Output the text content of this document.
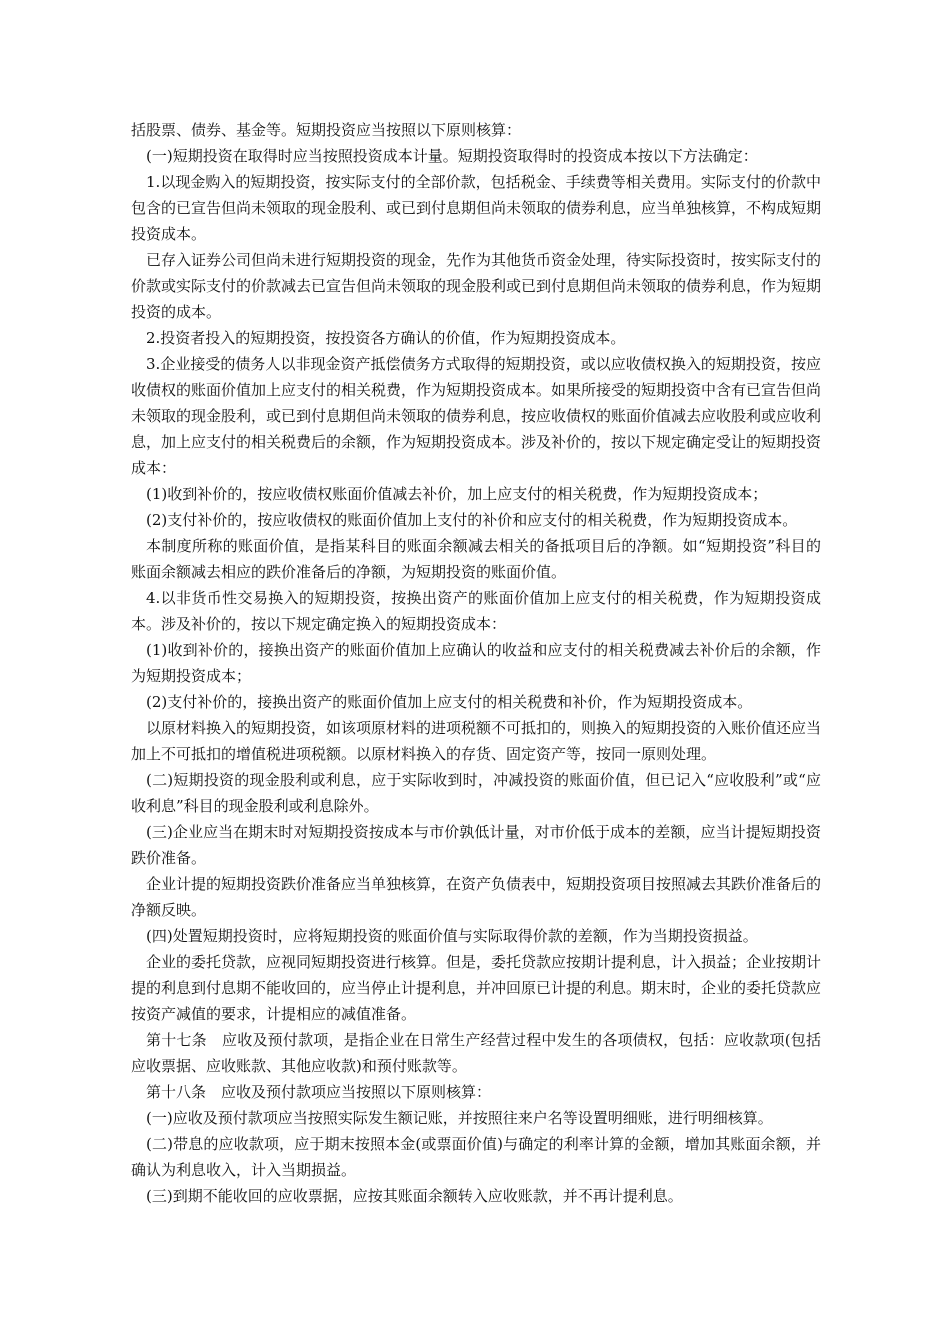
括股票、债券、基金等。短期投资应当按照以下原则核算：

(一)短期投资在取得时应当按照投资成本计量。短期投资取得时的投资成本按以下方法确定：

1.以现金购入的短期投资，按实际支付的全部价款，包括税金、手续费等相关费用。实际支付的价款中包含的已宣告但尚未领取的现金股利、或已到付息期但尚未领取的债券利息，应当单独核算，不构成短期投资成本。

已存入证券公司但尚未进行短期投资的现金，先作为其他货币资金处理，待实际投资时，按实际支付的价款或实际支付的价款减去已宣告但尚未领取的现金股利或已到付息期但尚未领取的债券利息，作为短期投资的成本。

2.投资者投入的短期投资，按投资各方确认的价值，作为短期投资成本。

3.企业接受的债务人以非现金资产抵偿债务方式取得的短期投资，或以应收债权换入的短期投资，按应收债权的账面价值加上应支付的相关税费，作为短期投资成本。如果所接受的短期投资中含有已宣告但尚未领取的现金股利，或已到付息期但尚未领取的债券利息，按应收债权的账面价值减去应收股利或应收利息，加上应支付的相关税费后的余额，作为短期投资成本。涉及补价的，按以下规定确定受让的短期投资成本：

(1)收到补价的，按应收债权账面价值减去补价，加上应支付的相关税费，作为短期投资成本；

(2)支付补价的，按应收债权的账面价值加上支付的补价和应支付的相关税费，作为短期投资成本。

本制度所称的账面价值，是指某科目的账面余额减去相关的备抵项目后的净额。如“短期投资”科目的账面余额减去相应的跌价准备后的净额，为短期投资的账面价值。

4.以非货币性交易换入的短期投资，按换出资产的账面价值加上应支付的相关税费，作为短期投资成本。涉及补价的，按以下规定确定换入的短期投资成本：

(1)收到补价的，接换出资产的账面价值加上应确认的收益和应支付的相关税费减去补价后的余额，作为短期投资成本；

(2)支付补价的，接换出资产的账面价值加上应支付的相关税费和补价，作为短期投资成本。

以原材料换入的短期投资，如该项原材料的进项税额不可抵扣的，则换入的短期投资的入账价值还应当加上不可抵扣的增值税进项税额。以原材料换入的存货、固定资产等，按同一原则处理。

(二)短期投资的现金股利或利息，应于实际收到时，冲减投资的账面价值，但已记入“应收股利”或“应收利息”科目的现金股利或利息除外。

(三)企业应当在期末时对短期投资按成本与市价孰低计量，对市价低于成本的差额，应当计提短期投资跌价准备。

企业计提的短期投资跌价准备应当单独核算，在资产负债表中，短期投资项目按照减去其跌价准备后的净额反映。

(四)处置短期投资时，应将短期投资的账面价值与实际取得价款的差额，作为当期投资损益。

企业的委托贷款，应视同短期投资进行核算。但是，委托贷款应按期计提利息，计入损益；企业按期计提的利息到付息期不能收回的，应当停止计提利息，并冲回原已计提的利息。期末时，企业的委托贷款应按资产减值的要求，计提相应的减值准备。

第十七条　应收及预付款项，是指企业在日常生产经营过程中发生的各项债权，包括：应收款项(包括应收票据、应收账款、其他应收款)和预付账款等。

第十八条　应收及预付款项应当按照以下原则核算：

(一)应收及预付款项应当按照实际发生额记账，并按照往来户名等设置明细账，进行明细核算。

(二)带息的应收款项，应于期末按照本金(或票面价值)与确定的利率计算的金额，增加其账面余额，并确认为利息收入，计入当期损益。

(三)到期不能收回的应收票据，应按其账面余额转入应收账款，并不再计提利息。
